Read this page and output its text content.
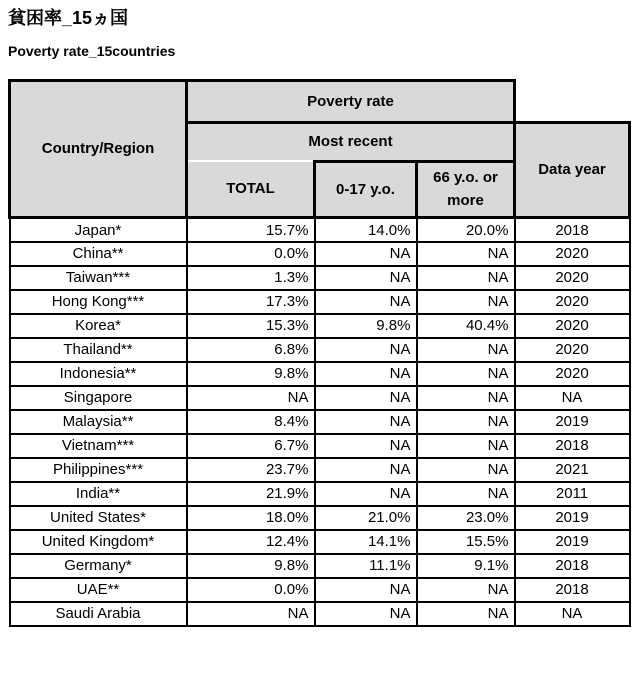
貧困率_15ヵ国
Poverty rate_15countries
Country/Region	Poverty rate			
	Most recent			Data year
	TOTAL	0-17 y.o.	66 y.o. or more	
Japan*	15.7%	14.0%	20.0%	2018
China**	0.0%	NA	NA	2020
Taiwan***	1.3%	NA	NA	2020
Hong Kong***	17.3%	NA	NA	2020
Korea*	15.3%	9.8%	40.4%	2020
Thailand**	6.8%	NA	NA	2020
Indonesia**	9.8%	NA	NA	2020
Singapore	NA	NA	NA	NA
Malaysia**	8.4%	NA	NA	2019
Vietnam***	6.7%	NA	NA	2018
Philippines***	23.7%	NA	NA	2021
India**	21.9%	NA	NA	2011
United States*	18.0%	21.0%	23.0%	2019
United Kingdom*	12.4%	14.1%	15.5%	2019
Germany*	9.8%	11.1%	9.1%	2018
UAE**	0.0%	NA	NA	2018
Saudi Arabia	NA	NA	NA	NA
